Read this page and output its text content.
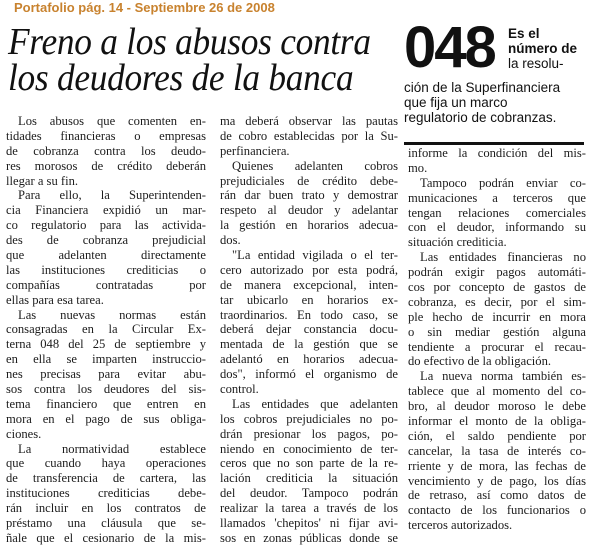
Portafolio pág. 14 - Septiembre 26 de 2008
Freno a los abusos contra
los deudores de la banca 048 Es el
número de
la resolu-
ción de la Superfinanciera
que fija un marco
regulatorio de cobranzas.
Los abusos que comenten en-
tidades financieras o empresas
de cobranza contra los deudo-
res morosos de crédito deberán
llegar a su fin.
Para ello, la Superintenden-
cia Financiera expidió un mar-
co regulatorio para las activida-
des de cobranza prejudicial
que adelanten directamente
las instituciones crediticias o
compañías contratadas por
ellas para esa tarea.
Las nuevas normas están
consagradas en la Circular Ex-
terna 048 del 25 de septiembre y
en ella se imparten instruccio-
nes precisas para evitar abu-
sos contra los deudores del sis-
tema financiero que entren en
mora en el pago de sus obliga-
ciones.
La normatividad establece
que cuando haya operaciones
de transferencia de cartera, las
instituciones crediticias debe-
rán incluir en los contratos de
préstamo una cláusula que se-
ñale que el cesionario de la mis-
ma deberá observar las pautas
de cobro establecidas por la Su-
perfinanciera.
Quienes adelanten cobros
prejudiciales de crédito debe-
rán dar buen trato y demostrar
respeto al deudor y adelantar
la gestión en horarios adecua-
dos.
"La entidad vigilada o el ter-
cero autorizado por esta podrá,
de manera excepcional, inten-
tar ubicarlo en horarios ex-
traordinarios. En todo caso, se
deberá dejar constancia docu-
mentada de la gestión que se
adelantó en horarios adecua-
dos", informó el organismo de
control.
Las entidades que adelanten
los cobros prejudiciales no po-
drán presionar los pagos, po-
niendo en conocimiento de ter-
ceros que no son parte de la re-
lación crediticia la situación
del deudor. Tampoco podrán
realizar la tarea a través de los
llamados 'chepitos' ni fijar avi-
sos en zonas públicas donde se
informe la condición del mis-
mo.
Tampoco podrán enviar co-
municaciones a terceros que
tengan relaciones comerciales
con el deudor, informando su
situación crediticia.
Las entidades financieras no
podrán exigir pagos automáti-
cos por concepto de gastos de
cobranza, es decir, por el sim-
ple hecho de incurrir en mora
o sin mediar gestión alguna
tendiente a procurar el recau-
do efectivo de la obligación.
La nueva norma también es-
tablece que al momento del co-
bro, al deudor moroso le debe
informar el monto de la obliga-
ción, el saldo pendiente por
cancelar, la tasa de interés co-
rriente y de mora, las fechas de
vencimiento y de pago, los días
de retraso, así como datos de
contacto de los funcionarios o
terceros autorizados.
